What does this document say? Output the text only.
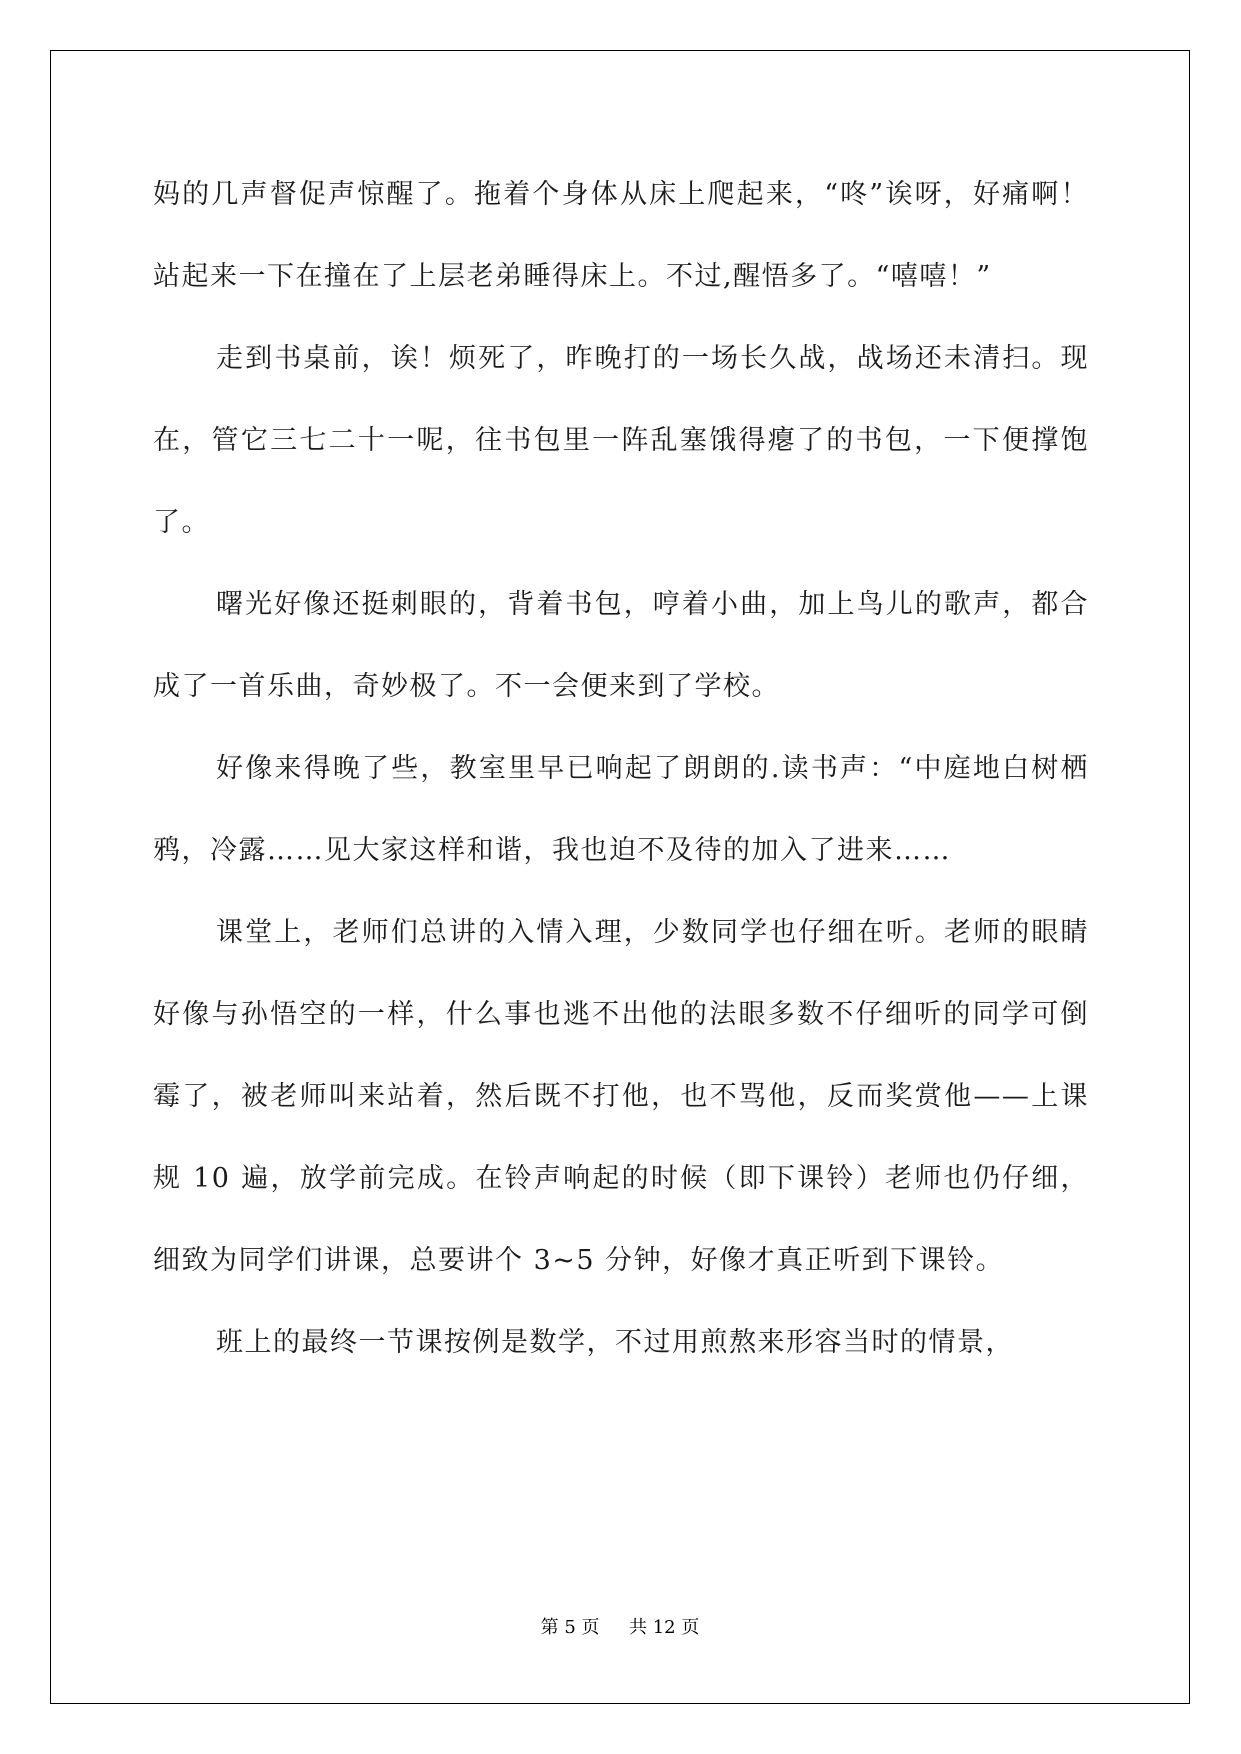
妈的几声督促声惊醒了。拖着个身体从床上爬起来，“咚”诶呀，好痛啊！站起来一下在撞在了上层老弟睡得床上。不过,醒悟多了。“嘻嘻！”

走到书桌前，诶！烦死了，昨晚打的一场长久战，战场还未清扫。现在，管它三七二十一呢，往书包里一阵乱塞饿得瘪了的书包，一下便撑饱了。

曙光好像还挺刺眼的，背着书包，哼着小曲，加上鸟儿的歌声，都合成了一首乐曲，奇妙极了。不一会便来到了学校。

好像来得晚了些，教室里早已响起了朗朗的.读书声：“中庭地白树栖鸦，冷露……见大家这样和谐，我也迫不及待的加入了进来……

课堂上，老师们总讲的入情入理，少数同学也仔细在听。老师的眼睛好像与孙悟空的一样，什么事也逃不出他的法眼多数不仔细听的同学可倒霉了，被老师叫来站着，然后既不打他，也不骂他，反而奖赏他——上课规 10 遍，放学前完成。在铃声响起的时候（即下课铃）老师也仍仔细，细致为同学们讲课，总要讲个 3~5 分钟，好像才真正听到下课铃。

班上的最终一节课按例是数学，不过用煎熬来形容当时的情景，

第 5 页 共 12 页
